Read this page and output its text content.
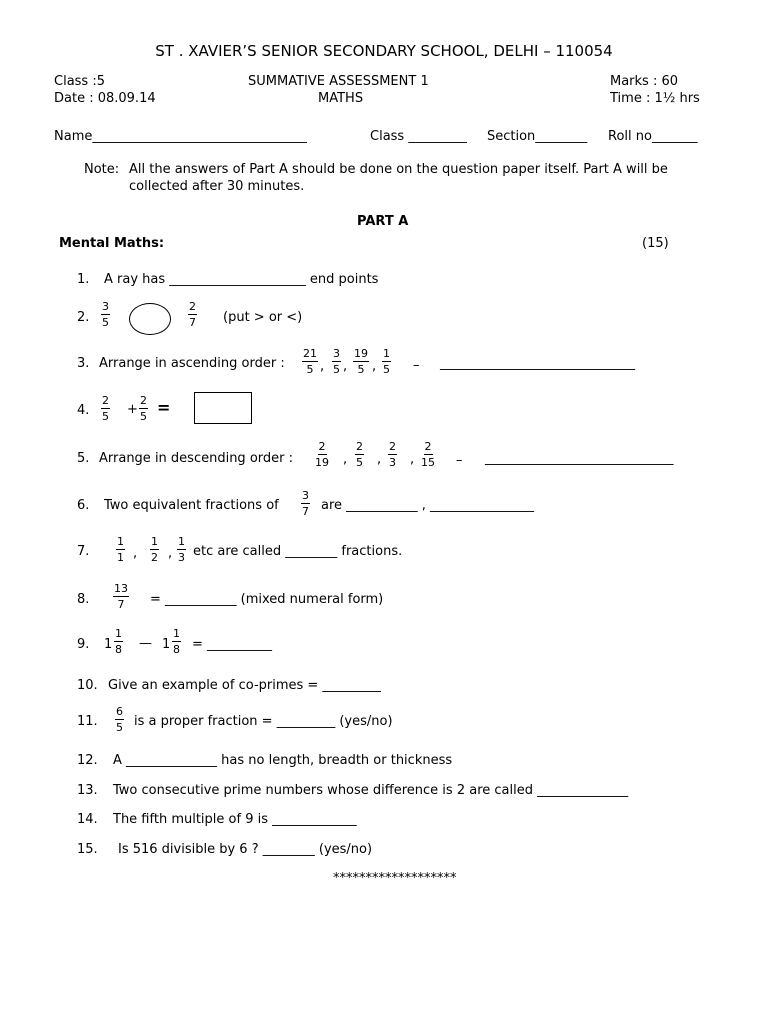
ST . XAVIER’S SENIOR SECONDARY SCHOOL, DELHI – 110054
Class :5
Date : 08.09.14
SUMMATIVE ASSESSMENT 1
MATHS
Marks : 60
Time : 1½ hrs
Name_________________________________	Class _________ Section________ Roll no_______
Note: All the answers of Part A should be done on the question paper itself. Part A will be
collected after 30 minutes.
PART A
Mental Maths:	(15)
1. A ray has _____________________ end points
2.
3
5
2
7 (put > or <)
3. Arrange in ascending order :
21
5 ,
3
5 ,
19
5 ,
1
5 – ______________________________
4.
2
5 +
2
5 =
5. Arrange in descending order :
2
19 ,
2
5 ,
2
3 ,
2
15 – _____________________________
6. Two equivalent fractions of
3
7 are ___________ , ________________
7.
1
1 ,
1
2 ,
1
3 etc are called ________ fractions.
8.
13
7 = ___________ (mixed numeral form)
9. 1
1
8 — 1
1
8 = __________
10. Give an example of co-primes = _________
11.
6
5 is a proper fraction = _________ (yes/no)
12. A ______________ has no length, breadth or thickness
13. Two consecutive prime numbers whose difference is 2 are called ______________
14. The fifth multiple of 9 is _____________
15. Is 516 divisible by 6 ? ________ (yes/no)
*******************
